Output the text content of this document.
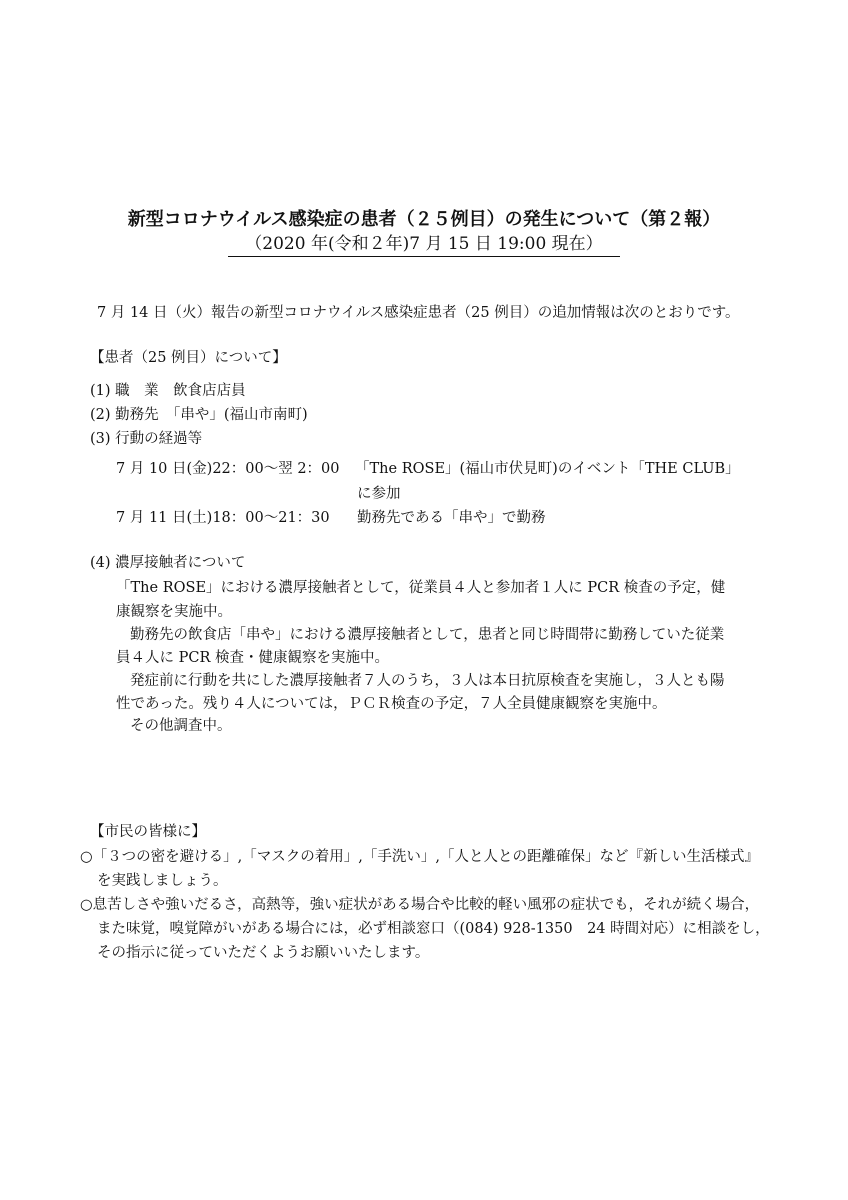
新型コロナウイルス感染症の患者（２５例目）の発生について（第２報）
（2020 年(令和２年)7 月 15 日 19:00 現在）
7 月 14 日（火）報告の新型コロナウイルス感染症患者（25 例目）の追加情報は次のとおりです。
【患者（25 例目）について】
(1) 職　業　飲食店店員
(2) 勤務先　「串や」(福山市南町)
(3) 行動の経過等
7 月 10 日(金)22：00～翌 2：00 「The ROSE」(福山市伏見町)のイベント「THE CLUB」
に参加
7 月 11 日(土)18：00～21：30 勤務先である「串や」で勤務
(4) 濃厚接触者について
「The ROSE」における濃厚接触者として，従業員４人と参加者１人に PCR 検査の予定，健
康観察を実施中。
勤務先の飲食店「串や」における濃厚接触者として，患者と同じ時間帯に勤務していた従業
員４人に PCR 検査・健康観察を実施中。
発症前に行動を共にした濃厚接触者７人のうち，３人は本日抗原検査を実施し，３人とも陽
性であった。残り４人については，ＰＣＲ検査の予定，７人全員健康観察を実施中。
その他調査中。
【市民の皆様に】
○「３つの密を避ける」,「マスクの着用」,「手洗い」,「人と人との距離確保」など『新しい生活様式』
を実践しましょう。
○息苦しさや強いだるさ，高熱等，強い症状がある場合や比較的軽い風邪の症状でも，それが続く場合，
また味覚，嗅覚障がいがある場合には，必ず相談窓口（(084) 928-1350　24 時間対応）に相談をし，
その指示に従っていただくようお願いいたします。
